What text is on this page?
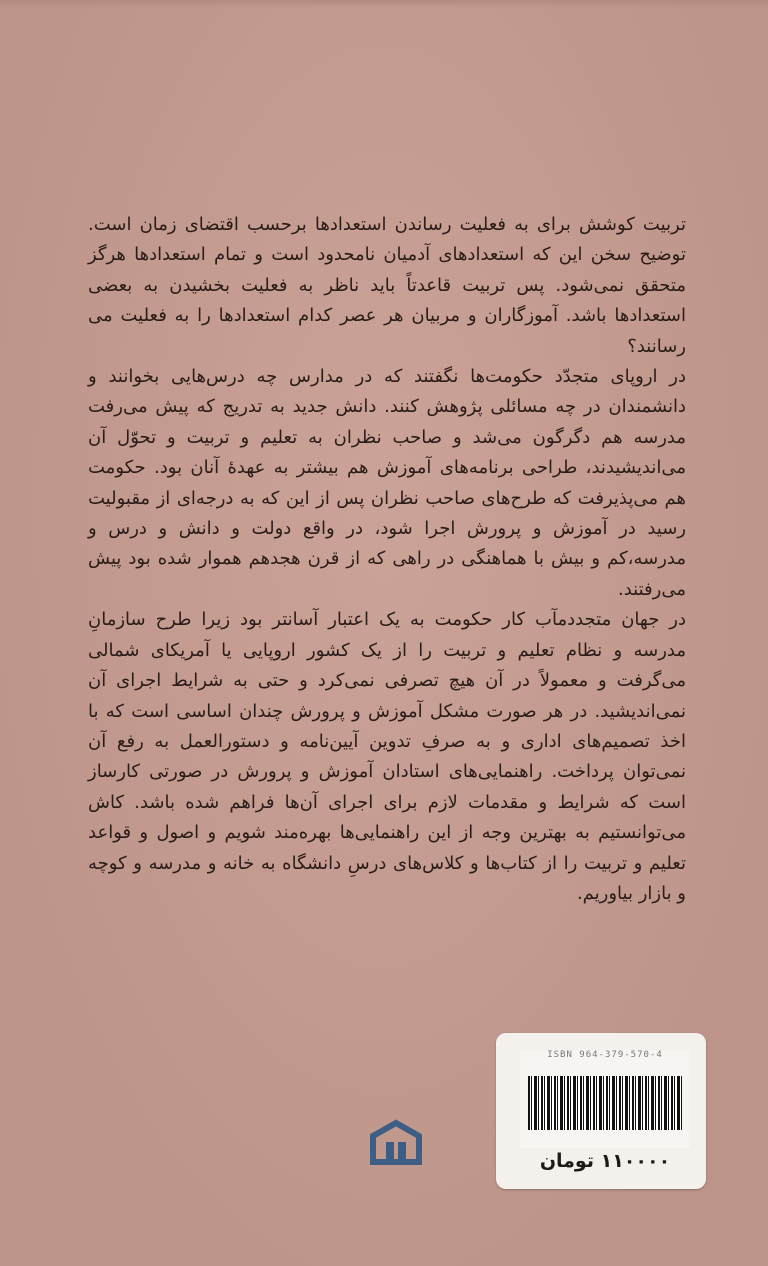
تربیت کوشش برای به فعلیت رساندن استعدادها برحسب اقتضای زمان است. توضیح سخن این که استعدادهای آدمیان نامحدود است و تمام استعدادها هرگز متحقق نمی‌شود. پس تربیت قاعدتاً باید ناظر به فعلیت بخشیدن به بعضی استعدادها باشد. آموزگاران و مربیان هر عصر کدام استعدادها را به فعلیت می رسانند؟

در اروپای متجدّد حکومت‌ها نگفتند که در مدارس چه درس‌هایی بخوانند و دانشمندان در چه مسائلی پژوهش کنند. دانش جدید به تدریج که پیش می‌رفت مدرسه هم دگرگون می‌شد و صاحب نظران به تعلیم و تربیت و تحوّل آن می‌اندیشیدند، طراحی برنامه‌های آموزش هم بیشتر به عهدهٔ آنان بود. حکومت هم می‌پذیرفت که طرح‌های صاحب نظران پس از این که به درجه‌ای از مقبولیت رسید در آموزش و پرورش اجرا شود، در واقع دولت و دانش و درس و مدرسه،کم و بیش با هماهنگی در راهی که از قرن هجدهم هموار شده بود پیش می‌رفتند.

در جهان متجددمآب کار حکومت به یک اعتبار آسانتر بود زیرا طرح سازمانِ مدرسه و نظام تعلیم و تربیت را از یک کشور اروپایی یا آمریکای شمالی می‌گرفت و معمولاً در آن هیچ تصرفی نمی‌کرد و حتی به شرایط اجرای آن نمی‌اندیشید. در هر صورت مشکل آموزش و پرورش چندان اساسی است که با اخذ تصمیم‌های اداری و به صرفِ تدوین آیین‌نامه و دستورالعمل به رفع آن نمی‌توان پرداخت. راهنمایی‌های استادان آموزش و پرورش در صورتی کارساز است که شرایط و مقدمات لازم برای اجرای آن‌ها فراهم شده باشد. کاش می‌توانستیم به بهترین وجه از این راهنمایی‌ها بهره‌مند شویم و اصول و قواعد تعلیم و تربیت را از کتاب‌ها و کلاس‌های درسِ دانشگاه به خانه و مدرسه و کوچه و بازار بیاوریم.

ISBN 964-379-570-4
۱۱۰۰۰۰ تومان
